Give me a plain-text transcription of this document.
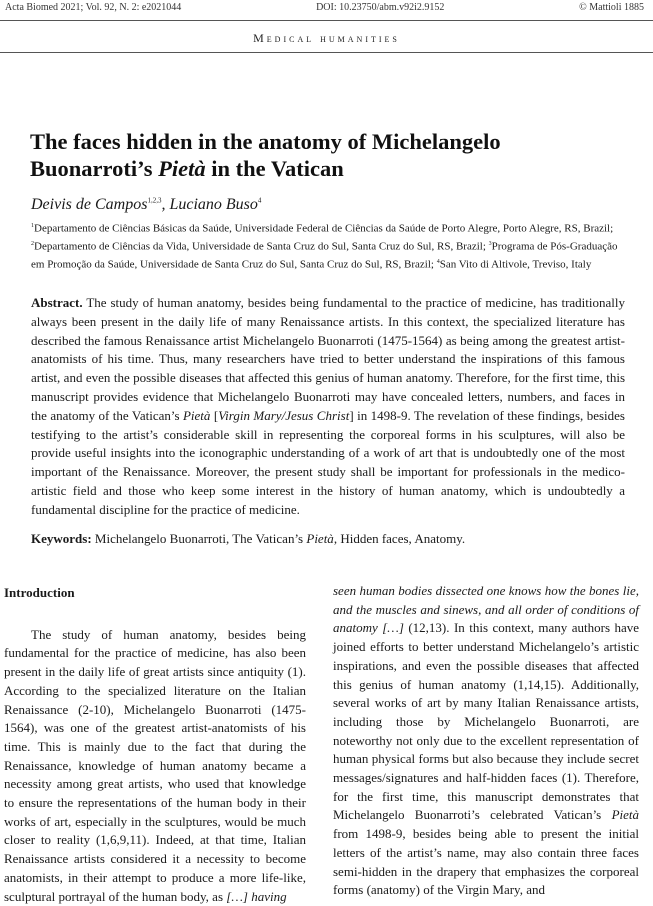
Acta Biomed 2021; Vol. 92, N. 2: e2021044	DOI: 10.23750/abm.v92i2.9152	© Mattioli 1885
Medical humanities
The faces hidden in the anatomy of Michelangelo
Buonarroti’s Pietà in the Vatican
Deivis de Campos$^{1,2,3}$, Luciano Buso$^4$

$^1$Departamento de Ciências Básicas da Saúde, Universidade Federal de Ciências da Saúde de Porto Alegre, Porto Alegre, RS, Brazil; $^2$Departamento de Ciências da Vida, Universidade de Santa Cruz do Sul, Santa Cruz do Sul, RS, Brazil; $^3$Programa de Pós-Graduação em Promoção da Saúde, Universidade de Santa Cruz do Sul, Santa Cruz do Sul, RS, Brazil; $^4$San Vito di Altivole, Treviso, Italy

Abstract. The study of human anatomy, besides being fundamental to the practice of medicine, has traditionally always been present in the daily life of many Renaissance artists. In this context, the specialized literature has described the famous Renaissance artist Michelangelo Buonarroti (1475-1564) as being among the greatest artist-anatomists of his time. Thus, many researchers have tried to better understand the inspirations of this famous artist, and even the possible diseases that affected this genius of human anatomy. Therefore, for the first time, this manuscript provides evidence that Michelangelo Buonarroti may have concealed letters, numbers, and faces in the anatomy of the Vatican’s Pietà [Virgin Mary/Jesus Christ] in 1498-9. The revelation of these findings, besides testifying to the artist’s considerable skill in representing the corporeal forms in his sculptures, will also be provide useful insights into the iconographic understanding of a work of art that is undoubtedly one of the most important of the Renaissance. Moreover, the present study shall be important for professionals in the medico-artistic field and those who keep some interest in the history of human anatomy, which is undoubtedly a fundamental discipline for the practice of medicine.

Keywords: Michelangelo Buonarroti, The Vatican’s Pietà, Hidden faces, Anatomy.

Introduction

The study of human anatomy, besides being fundamental for the practice of medicine, has also been present in the daily life of great artists since antiquity (1). According to the specialized literature on the Italian Renaissance (2-10), Michelangelo Buonarroti (1475-1564), was one of the greatest artist-anatomists of his time. This is mainly due to the fact that during the Renaissance, knowledge of human anatomy became a necessity among great artists, who used that knowledge to ensure the representations of the human body in their works of art, especially in the sculptures, would be much closer to reality (1,6,9,11). Indeed, at that time, Italian Renaissance artists considered it a necessity to become anatomists, in their attempt to produce a more life-like, sculptural portrayal of the human body, as […] having

seen human bodies dissected one knows how the bones lie, and the muscles and sinews, and all order of conditions of anatomy […] (12,13). In this context, many authors have joined efforts to better understand Michelangelo’s artistic inspirations, and even the possible diseases that affected this genius of human anatomy (1,14,15). Additionally, several works of art by many Italian Renaissance artists, including those by Michelangelo Buonarroti, are noteworthy not only due to the excellent representation of human physical forms but also because they include secret messages/signatures and half-hidden faces (1). Therefore, for the first time, this manuscript demonstrates that Michelangelo Buonarroti’s celebrated Vatican’s Pietà from 1498-9, besides being able to present the initial letters of the artist’s name, may also contain three faces semi-hidden in the drapery that emphasizes the corporeal forms (anatomy) of the Virgin Mary, and
